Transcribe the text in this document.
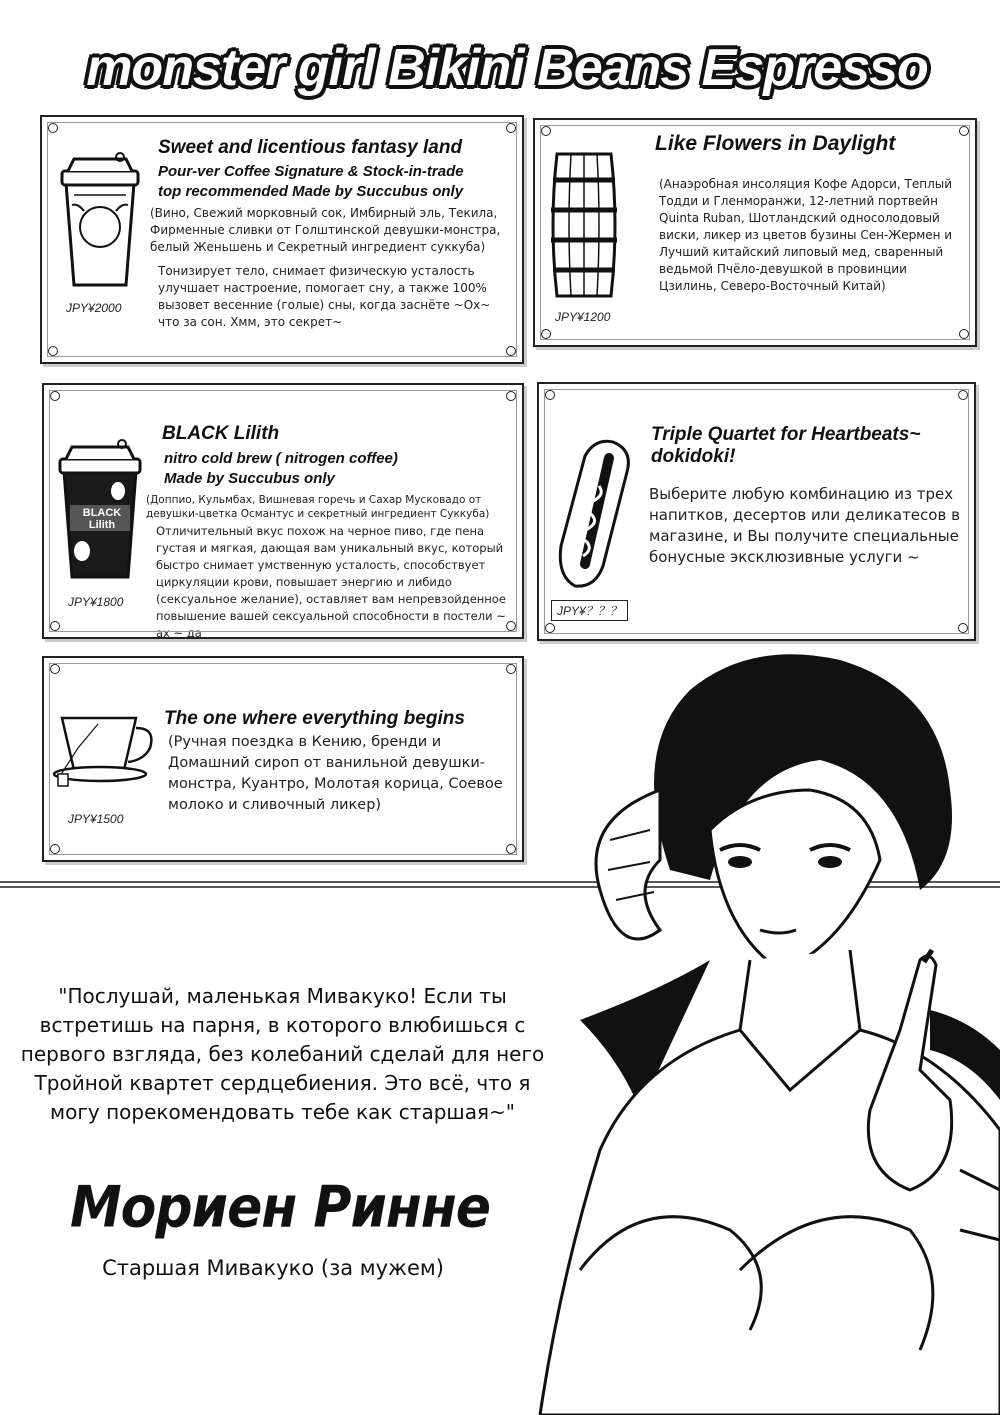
monster girl Bikini Beans Espresso
Sweet and licentious fantasy land
Pour-ver Coffee Signature & Stock-in-trade
top recommended Made by Succubus only
(Вино, Свежий морковный сок, Имбирный эль, Текила, Фирменные сливки от Голштинской девушки-монстра, белый Женьшень и Секретный ингредиент суккуба)
Тонизирует тело, снимает физическую усталость улучшает настроение, помогает сну, а также 100% вызовет весенние (голые) сны, когда заснёте ~Ох~ что за сон. Хмм, это секрет~
JPY¥2000
Like Flowers in Daylight
(Анаэробная инсоляция Кофе Адорси, Теплый Тодди и Гленморанжи, 12-летний портвейн Quinta Ruban, Шотландский односолодовый виски, ликер из цветов бузины Сен-Жермен и Лучший китайский липовый мед, сваренный ведьмой Пчёло-девушкой в провинции Цзилинь, Северо-Восточный Китай)
JPY¥1200
BLACK Lilith
BLACK Lilith
nitro cold brew ( nitrogen coffee)
Made by Succubus only
(Доппио, Кульмбах, Вишневая горечь и Сахар Мусковадо от девушки-цветка Османтус и секретный ингредиент Суккуба)
Отличительный вкус похож на черное пиво, где пена густая и мягкая, дающая вам уникальный вкус, который быстро снимает умственную усталость, способствует циркуляции крови, повышает энергию и либидо (сексуальное желание), оставляет вам непревзойденное повышение вашей сексуальной способности в постели ~ ах ~ да
JPY¥1800
Triple Quartet for Heartbeats~
dokidoki!
Выберите любую комбинацию из трех напитков, десертов или деликатесов в магазине, и Вы получите специальные бонусные эксклюзивные услуги ~
JPY¥？？？
The one where everything begins
(Ручная поездка в Кению, бренди и Домашний сироп от ванильной девушки-монстра, Куантро, Молотая корица, Соевое молоко и сливочный ликер)
JPY¥1500
"Послушай, маленькая Мивакуко! Если ты встретишь на парня, в которого влюбишься с первого взгляда, без колебаний сделай для него Тройной квартет сердцебиения. Это всё, что я могу порекомендовать тебе как старшая~"
Мориен Ринне
Старшая Мивакуко (за мужем)
